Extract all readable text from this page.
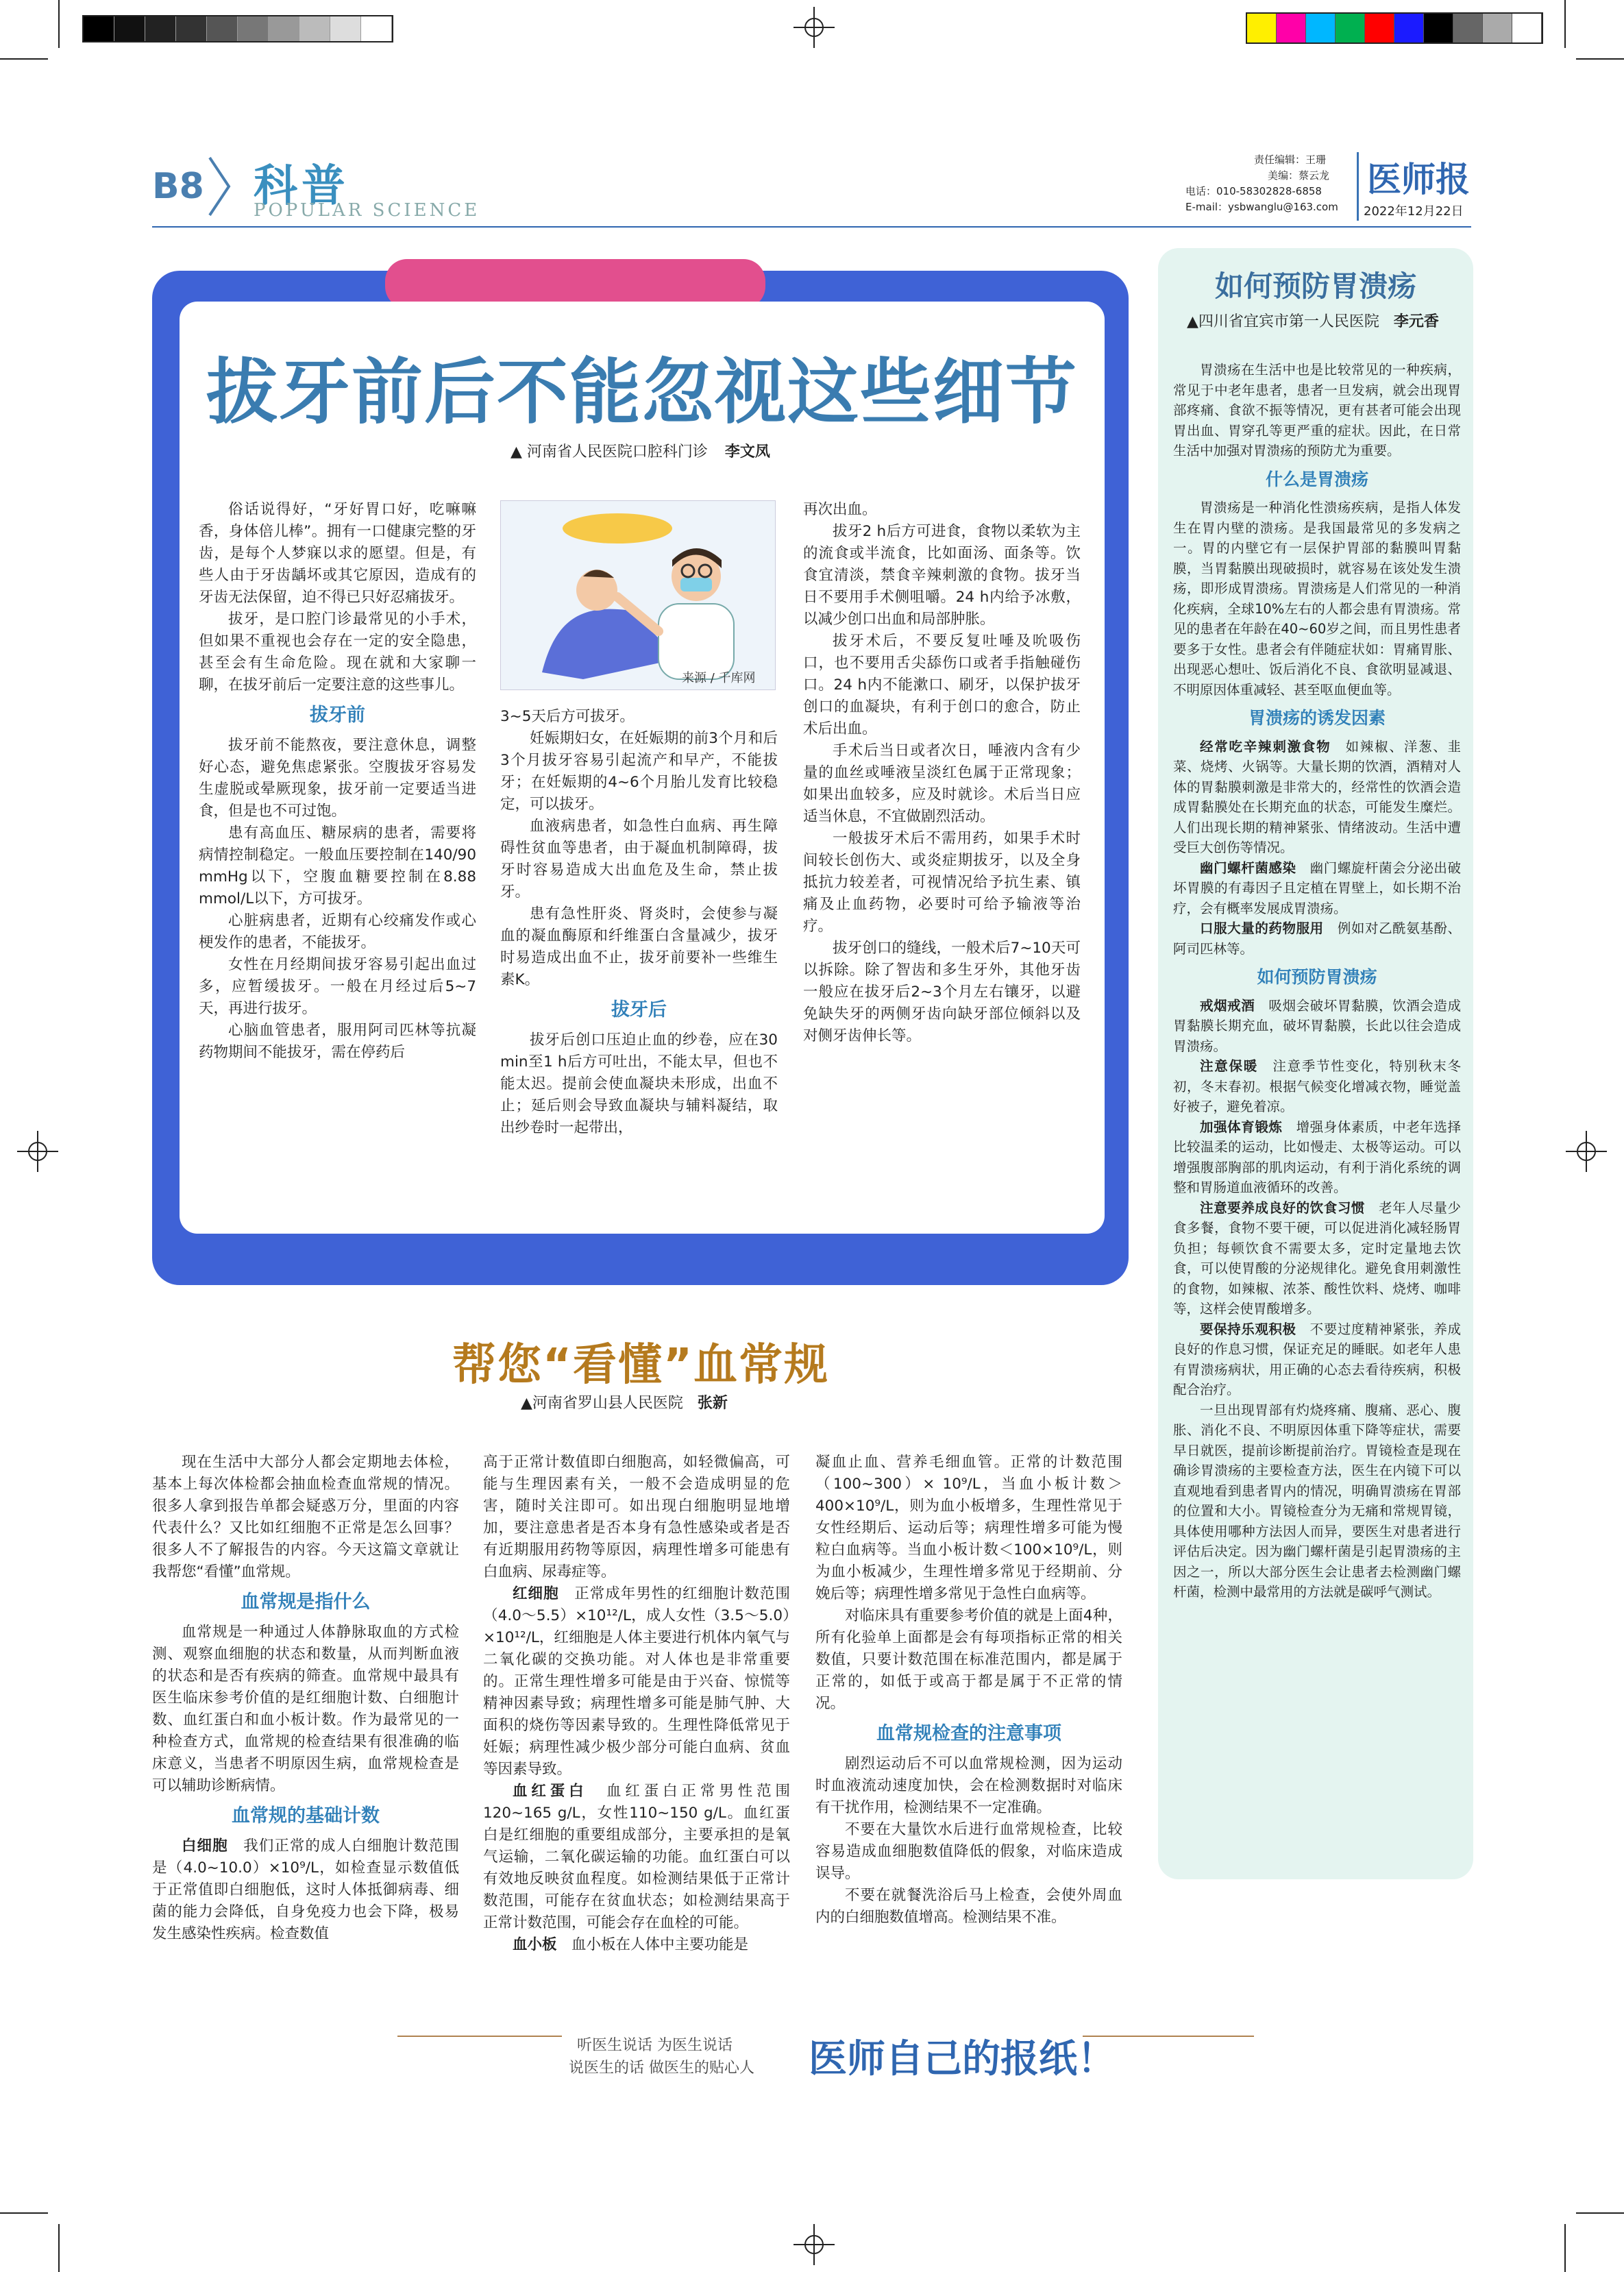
B8 科普
POPULAR SCIENCE
责任编辑：王珊
美编：蔡云龙
电话：010-58302828-6858
E-mail：ysbwanglu@163.com
医师报
2022年12月22日
拔牙前后不能忽视这些细节
▲ 河南省人民医院口腔科门诊 李文凤

俗话说得好，“牙好胃口好，吃嘛嘛香，身体倍儿棒”。拥有一口健康完整的牙齿，是每个人梦寐以求的愿望。但是，有些人由于牙齿龋坏或其它原因，造成有的牙齿无法保留，迫不得已只好忍痛拔牙。

拔牙，是口腔门诊最常见的小手术，但如果不重视也会存在一定的安全隐患，甚至会有生命危险。现在就和大家聊一聊，在拔牙前后一定要注意的这些事儿。

拔牙前

拔牙前不能熬夜，要注意休息，调整好心态，避免焦虑紧张。空腹拔牙容易发生虚脱或晕厥现象，拔牙前一定要适当进食，但是也不可过饱。

患有高血压、糖尿病的患者，需要将病情控制稳定。一般血压要控制在140/90 mmHg以下，空腹血糖要控制在8.88 mmol/L以下，方可拔牙。

心脏病患者，近期有心绞痛发作或心梗发作的患者，不能拔牙。

女性在月经期间拔牙容易引起出血过多，应暂缓拔牙。一般在月经过后5~7天，再进行拔牙。

心脑血管患者，服用阿司匹林等抗凝药物期间不能拔牙，需在停药后

来源 / 千库网

3~5天后方可拔牙。

妊娠期妇女，在妊娠期的前3个月和后3个月拔牙容易引起流产和早产，不能拔牙；在妊娠期的4~6个月胎儿发育比较稳定，可以拔牙。

血液病患者，如急性白血病、再生障碍性贫血等患者，由于凝血机制障碍，拔牙时容易造成大出血危及生命，禁止拔牙。

患有急性肝炎、肾炎时，会使参与凝血的凝血酶原和纤维蛋白含量减少，拔牙时易造成出血不止，拔牙前要补一些维生素K。

拔牙后

拔牙后创口压迫止血的纱卷，应在30 min至1 h后方可吐出，不能太早，但也不能太迟。提前会使血凝块未形成，出血不止；延后则会导致血凝块与辅料凝结，取出纱卷时一起带出，

再次出血。

拔牙2 h后方可进食，食物以柔软为主的流食或半流食，比如面汤、面条等。饮食宜清淡，禁食辛辣刺激的食物。拔牙当日不要用手术侧咀嚼。24 h内给予冰敷，以减少创口出血和局部肿胀。

拔牙术后，不要反复吐唾及吮吸伤口，也不要用舌尖舔伤口或者手指触碰伤口。24 h内不能漱口、刷牙，以保护拔牙创口的血凝块，有利于创口的愈合，防止术后出血。

手术后当日或者次日，唾液内含有少量的血丝或唾液呈淡红色属于正常现象；如果出血较多，应及时就诊。术后当日应适当休息，不宜做剧烈活动。

一般拔牙术后不需用药，如果手术时间较长创伤大、或炎症期拔牙，以及全身抵抗力较差者，可视情况给予抗生素、镇痛及止血药物，必要时可给予输液等治疗。

拔牙创口的缝线，一般术后7~10天可以拆除。除了智齿和多生牙外，其他牙齿一般应在拔牙后2~3个月左右镶牙，以避免缺失牙的两侧牙齿向缺牙部位倾斜以及对侧牙齿伸长等。

帮您“看懂”血常规
▲河南省罗山县人民医院 张新

现在生活中大部分人都会定期地去体检，基本上每次体检都会抽血检查血常规的情况。很多人拿到报告单都会疑惑万分，里面的内容代表什么？又比如红细胞不正常是怎么回事？很多人不了解报告的内容。今天这篇文章就让我帮您“看懂”血常规。

血常规是指什么

血常规是一种通过人体静脉取血的方式检测、观察血细胞的状态和数量，从而判断血液的状态和是否有疾病的筛查。血常规中最具有医生临床参考价值的是红细胞计数、白细胞计数、血红蛋白和血小板计数。作为最常见的一种检查方式，血常规的检查结果有很准确的临床意义，当患者不明原因生病，血常规检查是可以辅助诊断病情。

血常规的基础计数

白细胞  我们正常的成人白细胞计数范围是（4.0~10.0）×10⁹/L，如检查显示数值低于正常值即白细胞低，这时人体抵御病毒、细菌的能力会降低，自身免疫力也会下降，极易发生感染性疾病。检查数值

高于正常计数值即白细胞高，如轻微偏高，可能与生理因素有关，一般不会造成明显的危害，随时关注即可。如出现白细胞明显地增加，要注意患者是否本身有急性感染或者是否有近期服用药物等原因，病理性增多可能患有白血病、尿毒症等。

红细胞  正常成年男性的红细胞计数范围（4.0～5.5）×10¹²/L，成人女性（3.5～5.0）×10¹²/L，红细胞是人体主要进行机体内氧气与二氧化碳的交换功能。对人体也是非常重要的。正常生理性增多可能是由于兴奋、惊慌等精神因素导致；病理性增多可能是肺气肿、大面积的烧伤等因素导致的。生理性降低常见于妊娠；病理性减少极少部分可能白血病、贫血等因素导致。

血红蛋白  血红蛋白正常男性范围120~165 g/L，女性110~150 g/L。血红蛋白是红细胞的重要组成部分，主要承担的是氧气运输，二氧化碳运输的功能。血红蛋白可以有效地反映贫血程度。如检测结果低于正常计数范围，可能存在贫血状态；如检测结果高于正常计数范围，可能会存在血栓的可能。

血小板  血小板在人体中主要功能是

凝血止血、营养毛细血管。正常的计数范围（100~300）× 10⁹/L，当血小板计数＞400×10⁹/L，则为血小板增多，生理性常见于女性经期后、运动后等；病理性增多可能为慢粒白血病等。当血小板计数＜100×10⁹/L，则为血小板减少，生理性增多常见于经期前、分娩后等；病理性增多常见于急性白血病等。

对临床具有重要参考价值的就是上面4种，所有化验单上面都是会有每项指标正常的相关数值，只要计数范围在标准范围内，都是属于正常的，如低于或高于都是属于不正常的情况。

血常规检查的注意事项

剧烈运动后不可以血常规检测，因为运动时血液流动速度加快，会在检测数据时对临床有干扰作用，检测结果不一定准确。

不要在大量饮水后进行血常规检查，比较容易造成血细胞数值降低的假象，对临床造成误导。

不要在就餐洗浴后马上检查，会使外周血内的白细胞数值增高。检测结果不准。

如何预防胃溃疡
▲四川省宜宾市第一人民医院 李元香

胃溃疡在生活中也是比较常见的一种疾病，常见于中老年患者，患者一旦发病，就会出现胃部疼痛、食欲不振等情况，更有甚者可能会出现胃出血、胃穿孔等更严重的症状。因此，在日常生活中加强对胃溃疡的预防尤为重要。

什么是胃溃疡

胃溃疡是一种消化性溃疡疾病，是指人体发生在胃内壁的溃疡。是我国最常见的多发病之一。胃的内壁它有一层保护胃部的黏膜叫胃黏膜，当胃黏膜出现破损时，就容易在该处发生溃疡，即形成胃溃疡。胃溃疡是人们常见的一种消化疾病，全球10%左右的人都会患有胃溃疡。常见的患者在年龄在40~60岁之间，而且男性患者要多于女性。患者会有伴随症状如：胃痛胃胀、出现恶心想吐、饭后消化不良、食欲明显减退、不明原因体重减轻、甚至呕血便血等。

胃溃疡的诱发因素

经常吃辛辣刺激食物  如辣椒、洋葱、韭菜、烧烤、火锅等。大量长期的饮酒，酒精对人体的胃黏膜刺激是非常大的，经常性的饮酒会造成胃黏膜处在长期充血的状态，可能发生糜烂。人们出现长期的精神紧张、情绪波动。生活中遭受巨大创伤等情况。

幽门螺杆菌感染  幽门螺旋杆菌会分泌出破坏胃膜的有毒因子且定植在胃壁上，如长期不治疗，会有概率发展成胃溃疡。

口服大量的药物服用  例如对乙酰氨基酚、阿司匹林等。

如何预防胃溃疡

戒烟戒酒  吸烟会破坏胃黏膜，饮酒会造成胃黏膜长期充血，破坏胃黏膜，长此以往会造成胃溃疡。

注意保暖  注意季节性变化，特别秋末冬初，冬末春初。根据气候变化增减衣物，睡觉盖好被子，避免着凉。

加强体育锻炼  增强身体素质，中老年选择比较温柔的运动，比如慢走、太极等运动。可以增强腹部胸部的肌肉运动，有利于消化系统的调整和胃肠道血液循环的改善。

注意要养成良好的饮食习惯  老年人尽量少食多餐，食物不要干硬，可以促进消化减轻肠胃负担；每顿饮食不需要太多，定时定量地去饮食，可以使胃酸的分泌规律化。避免食用刺激性的食物，如辣椒、浓茶、酸性饮料、烧烤、咖啡等，这样会使胃酸增多。

要保持乐观积极  不要过度精神紧张，养成良好的作息习惯，保证充足的睡眠。如老年人患有胃溃疡病状，用正确的心态去看待疾病，积极配合治疗。

一旦出现胃部有灼烧疼痛、腹痛、恶心、腹胀、消化不良、不明原因体重下降等症状，需要早日就医，提前诊断提前治疗。胃镜检查是现在确诊胃溃疡的主要检查方法，医生在内镜下可以直观地看到患者胃内的情况，明确胃溃疡在胃部的位置和大小。胃镜检查分为无痛和常规胃镜，具体使用哪种方法因人而异，要医生对患者进行评估后决定。因为幽门螺杆菌是引起胃溃疡的主因之一，所以大部分医生会让患者去检测幽门螺杆菌，检测中最常用的方法就是碳呼气测试。

听医生说话 为医生说话
说医生的话 做医生的贴心人 医师自己的报纸！
